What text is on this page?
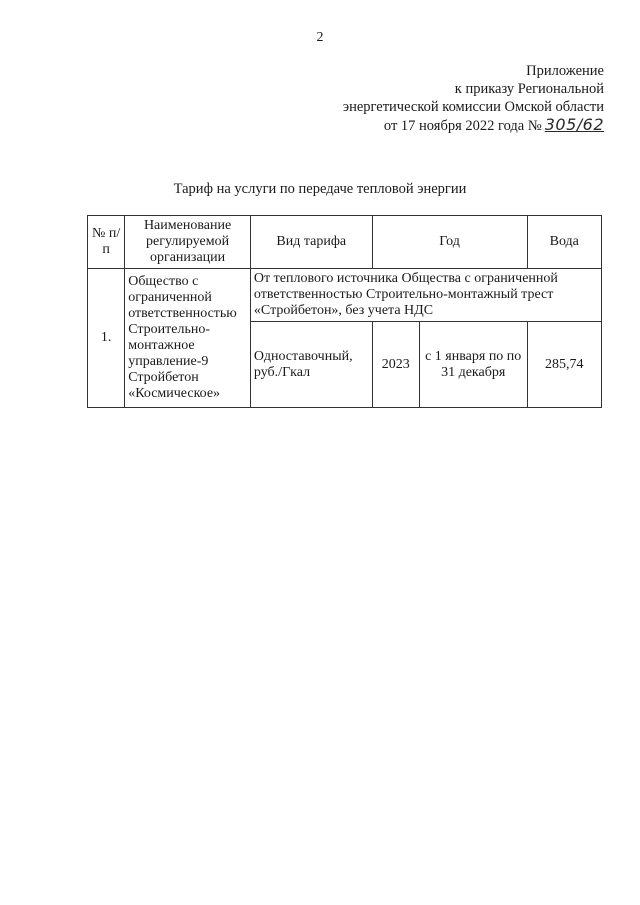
2
Приложение
к приказу Региональной
энергетической комиссии Омской области
от 17 ноября 2022 года № 305/62
Тариф на услуги по передаче тепловой энергии
№ п/п	Наименование регулируемой организации	Вид тарифа	Год		Вода
1.	Общество с ограниченной ответственностью Строительно-монтажное управление-9 Стройбетон «Космическое»	От теплового источника Общества с ограниченной ответственностью Строительно-монтажный трест «Стройбетон», без учета НДС			
		Одноставочный, руб./Гкал	2023	с 1 января по по 31 декабря	285,74
